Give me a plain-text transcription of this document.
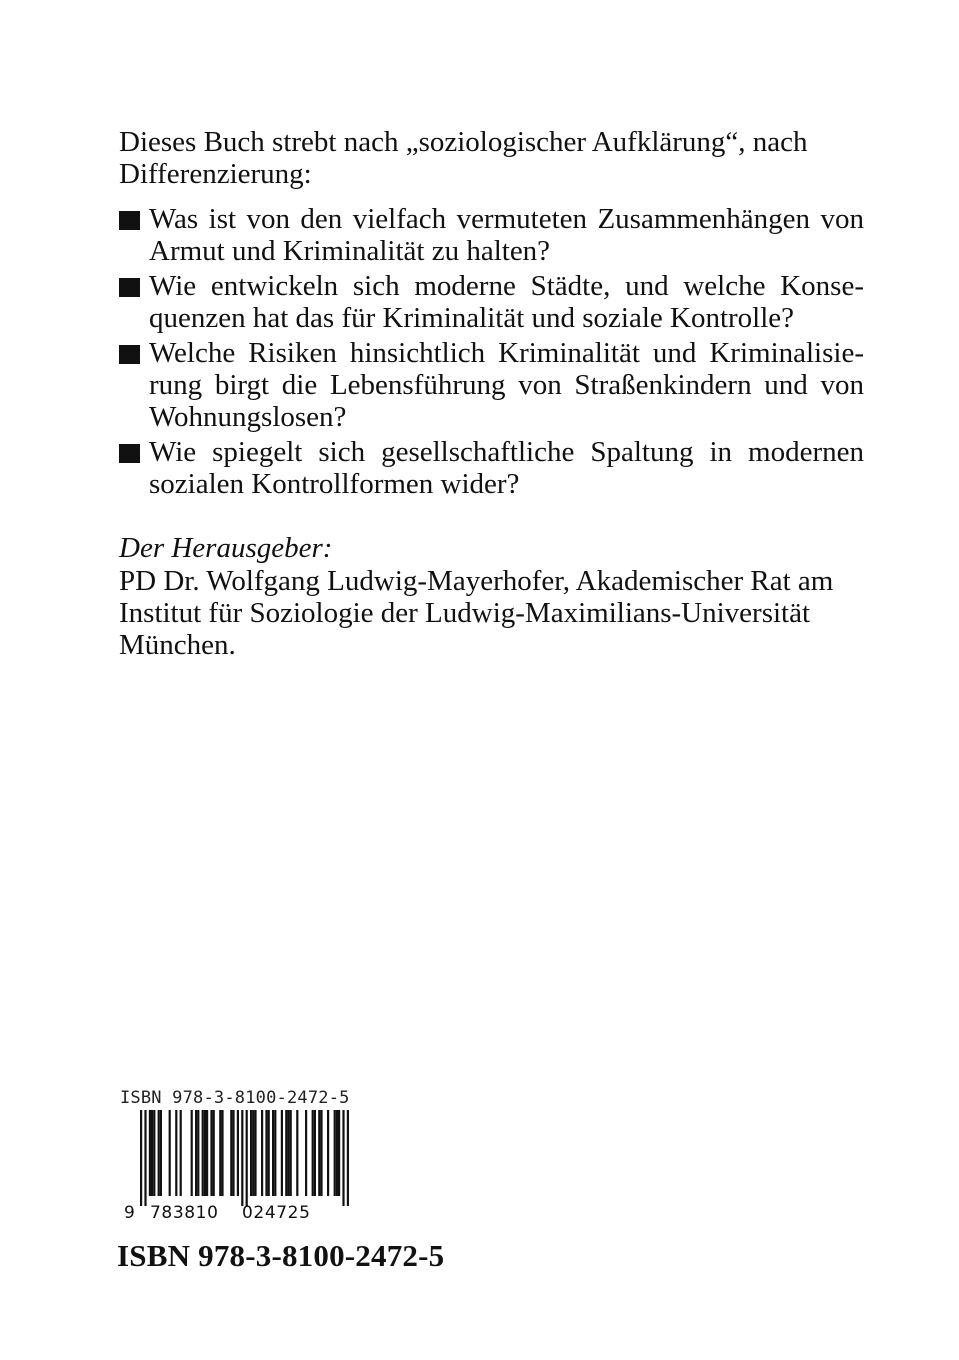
Dieses Buch strebt nach „soziologischer Aufklärung“, nach
Differenzierung:

Was ist von den vielfach vermuteten Zusammenhängen von Armut und Kriminalität zu halten?
Wie entwickeln sich moderne Städte, und welche Konse-quenzen hat das für Kriminalität und soziale Kontrolle?
Welche Risiken hinsichtlich Kriminalität und Kriminalisie-rung birgt die Lebensführung von Straßenkindern und von Wohnungslosen?
Wie spiegelt sich gesellschaftliche Spaltung in modernen sozialen Kontrollformen wider?

Der Herausgeber:

PD Dr. Wolfgang Ludwig-Mayerhofer, Akademischer Rat am
Institut für Soziologie der Ludwig-Maximilians-Universität
München.

ISBN 978-3-8100-2472-5
9 783810 024725

ISBN 978-3-8100-2472-5
